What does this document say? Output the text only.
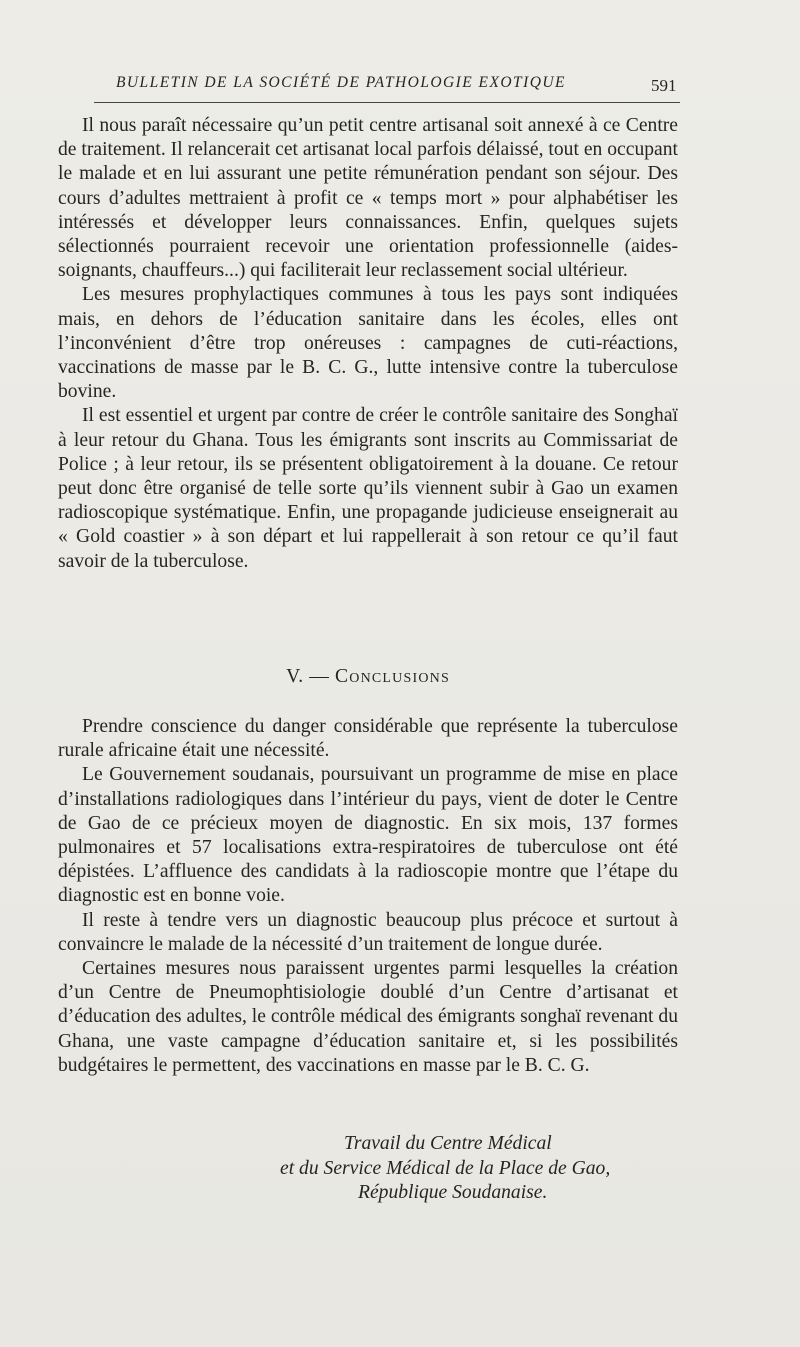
BULLETIN DE LA SOCIÉTÉ DE PATHOLOGIE EXOTIQUE	591

Il nous paraît nécessaire qu’un petit centre artisanal soit annexé à ce Centre de traitement. Il relancerait cet artisanat local parfois délaissé, tout en occupant le malade et en lui assurant une petite rémunération pendant son séjour. Des cours d’adultes mettraient à profit ce « temps mort » pour alphabétiser les intéressés et développer leurs connaissances. Enfin, quelques sujets sélectionnés pourraient recevoir une orientation professionnelle (aides-soignants, chauffeurs...) qui faciliterait leur reclassement social ultérieur.

Les mesures prophylactiques communes à tous les pays sont indiquées mais, en dehors de l’éducation sanitaire dans les écoles, elles ont l’inconvénient d’être trop onéreuses : campagnes de cuti-réactions, vaccinations de masse par le B. C. G., lutte intensive contre la tuberculose bovine.

Il est essentiel et urgent par contre de créer le contrôle sanitaire des Songhaï à leur retour du Ghana. Tous les émigrants sont inscrits au Commissariat de Police ; à leur retour, ils se présentent obligatoirement à la douane. Ce retour peut donc être organisé de telle sorte qu’ils viennent subir à Gao un examen radioscopique systématique. Enfin, une propagande judicieuse enseignerait au « Gold coastier » à son départ et lui rappellerait à son retour ce qu’il faut savoir de la tuberculose.

V. — Conclusions

Prendre conscience du danger considérable que représente la tuberculose rurale africaine était une nécessité.

Le Gouvernement soudanais, poursuivant un programme de mise en place d’installations radiologiques dans l’intérieur du pays, vient de doter le Centre de Gao de ce précieux moyen de diagnostic. En six mois, 137 formes pulmonaires et 57 localisations extra-respiratoires de tuberculose ont été dépistées. L’affluence des candidats à la radioscopie montre que l’étape du diagnostic est en bonne voie.

Il reste à tendre vers un diagnostic beaucoup plus précoce et surtout à convaincre le malade de la nécessité d’un traitement de longue durée.

Certaines mesures nous paraissent urgentes parmi lesquelles la création d’un Centre de Pneumophtisiologie doublé d’un Centre d’artisanat et d’éducation des adultes, le contrôle médical des émigrants songhaï revenant du Ghana, une vaste campagne d’éducation sanitaire et, si les possibilités budgétaires le permettent, des vaccinations en masse par le B. C. G.

Travail du Centre Médical
et du Service Médical de la Place de Gao,
République Soudanaise.
